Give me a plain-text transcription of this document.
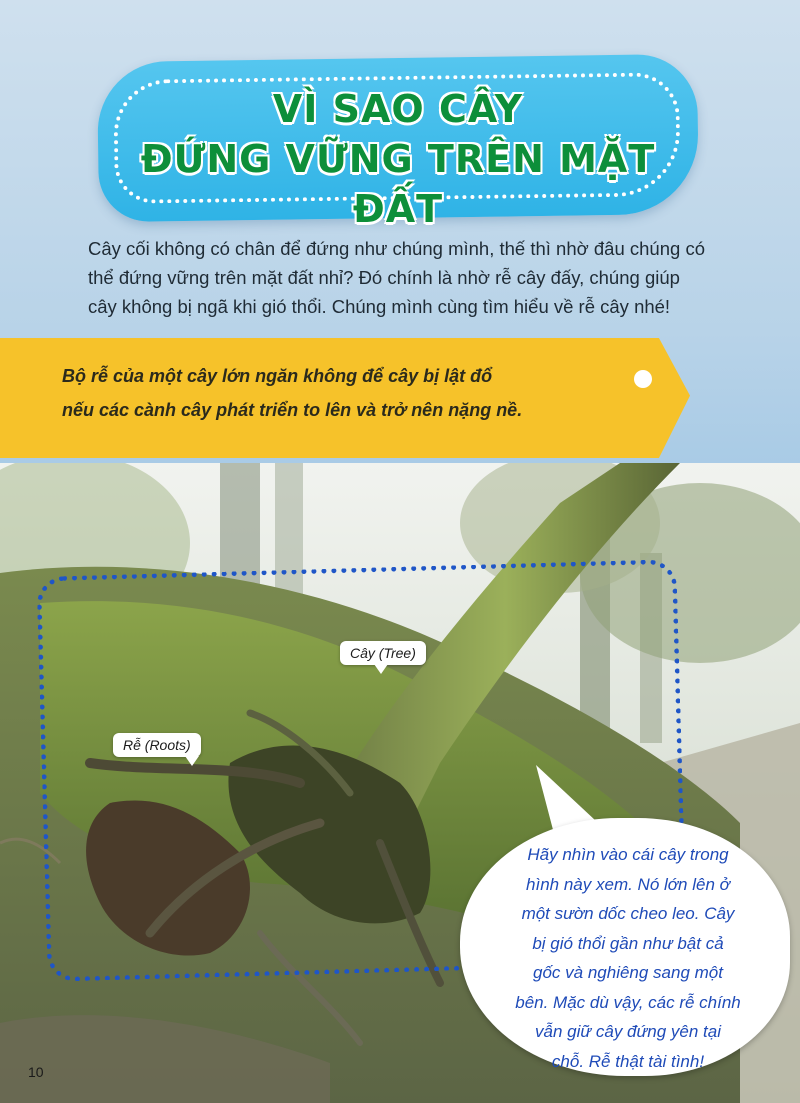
VÌ SAO CÂY
ĐỨNG VỮNG TRÊN MẶT ĐẤT

Cây cối không có chân để đứng như chúng mình, thế thì nhờ đâu chúng có
thể đứng vững trên mặt đất nhỉ? Đó chính là nhờ rễ cây đấy, chúng giúp
cây không bị ngã khi gió thổi. Chúng mình cùng tìm hiểu về rễ cây nhé!

Bộ rễ của một cây lớn ngăn không để cây bị lật đổ
nếu các cành cây phát triển to lên và trở nên nặng nề.

Cây (Tree)
Rễ (Roots)

Hãy nhìn vào cái cây trong
hình này xem. Nó lớn lên ở
một sườn dốc cheo leo. Cây
bị gió thổi gần như bật cả
gốc và nghiêng sang một
bên. Mặc dù vậy, các rễ chính
vẫn giữ cây đứng yên tại
chỗ. Rễ thật tài tình!

10
